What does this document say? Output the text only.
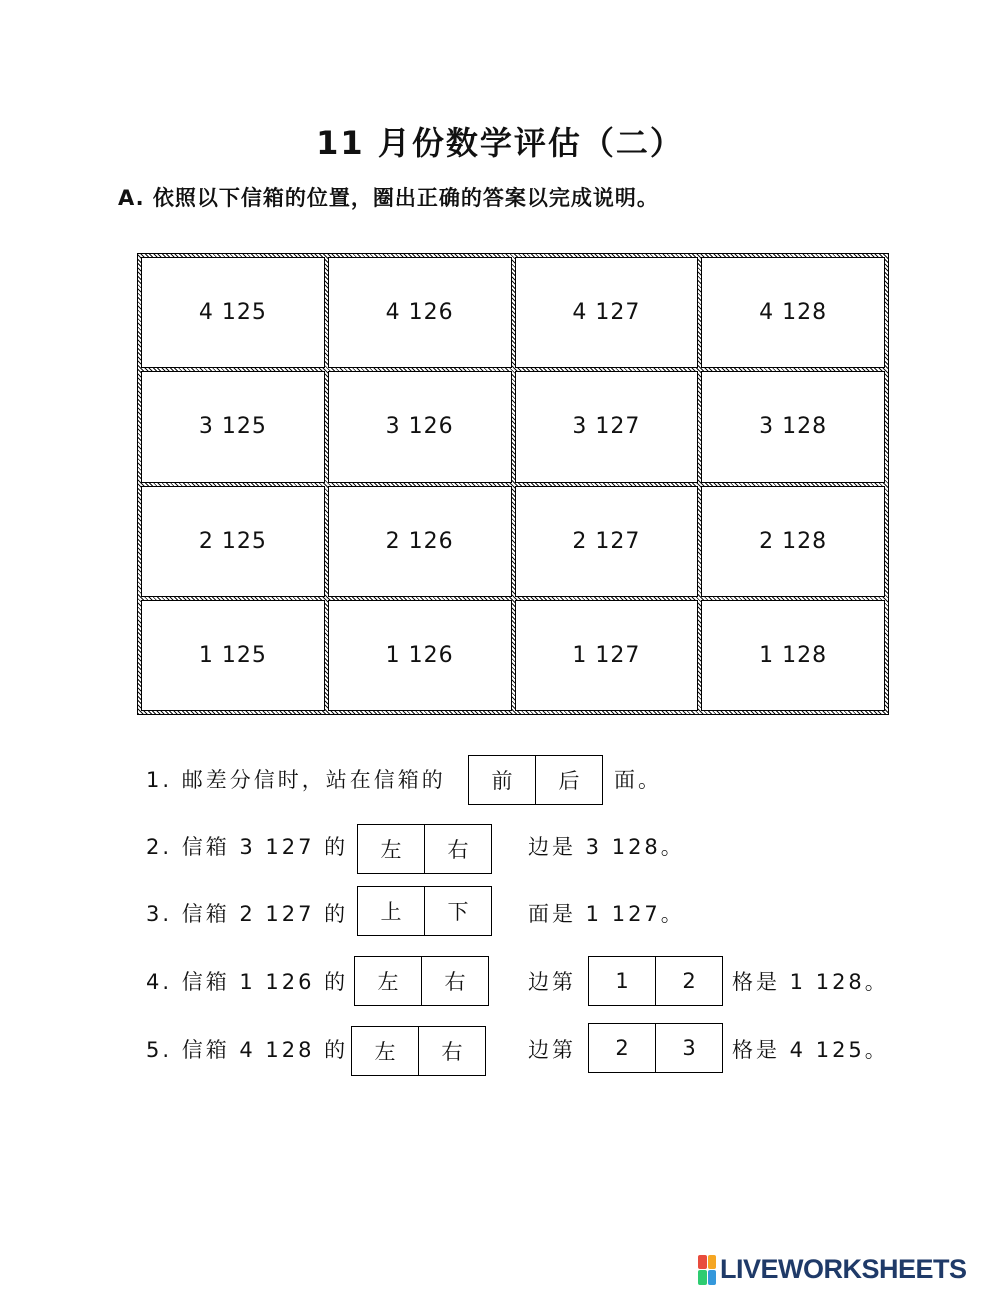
11 月份数学评估（二）
A. 依照以下信箱的位置，圈出正确的答案以完成说明。
4 125	4 126	4 127	4 128
3 125	3 126	3 127	3 128
2 125	2 126	2 127	2 128
1 125	1 126	1 127	1 128
1. 邮差分信时，站在信箱的	前	后	面。
2. 信箱 3 127 的	左	右	边是 3 128。
3. 信箱 2 127 的	上	下	面是 1 127。
4. 信箱 1 126 的	左	右	边第	1	2	格是 1 128。
5. 信箱 4 128 的	左	右	边第	2	3	格是 4 125。
LIVEWORKSHEETS
